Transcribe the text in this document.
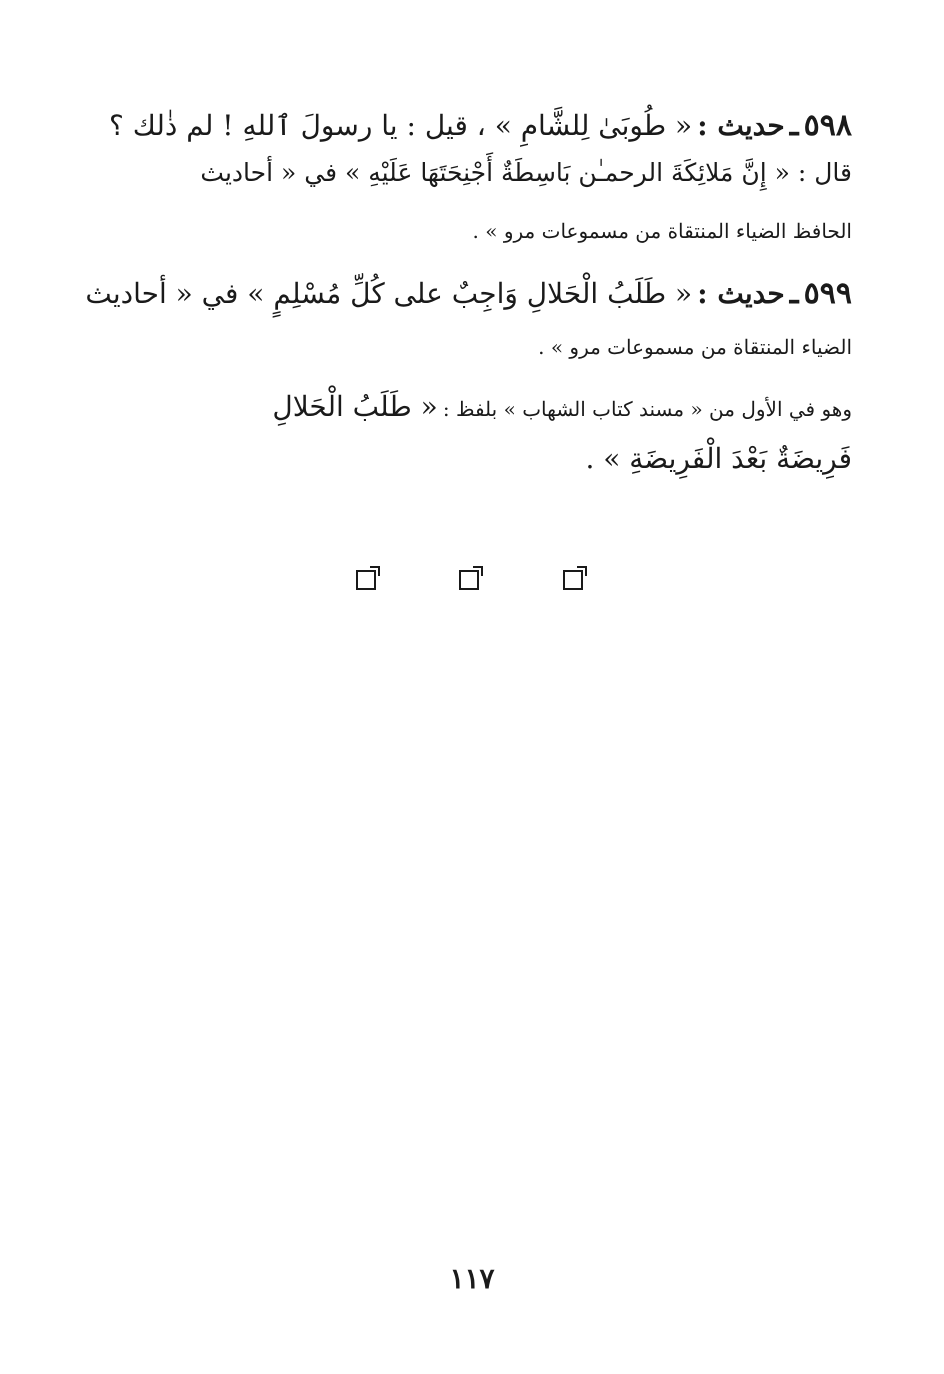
٥٩٨ ـ حديث : « طُوبَىٰ لِلشَّامِ » ، قيل : يا رسولَ ٱللهِ ! لم ذٰلك ؟
قال : « إِنَّ مَلائِكَةَ الرحمـٰن بَاسِطَةٌ أَجْنِحَتَهَا عَلَيْهِ » في « أحاديث
الحافظ الضياء المنتقاة من مسموعات مرو » .
٥٩٩ ـ حديث : « طَلَبُ الْحَلالِ وَاجِبٌ على كُلِّ مُسْلِمٍ » في « أحاديث
الضياء المنتقاة من مسموعات مرو » .
وهو في الأول من « مسند كتاب الشهاب » بلفظ : « طَلَبُ الْحَلالِ
فَرِيضَةٌ بَعْدَ الْفَرِيضَةِ » .
١١٧
